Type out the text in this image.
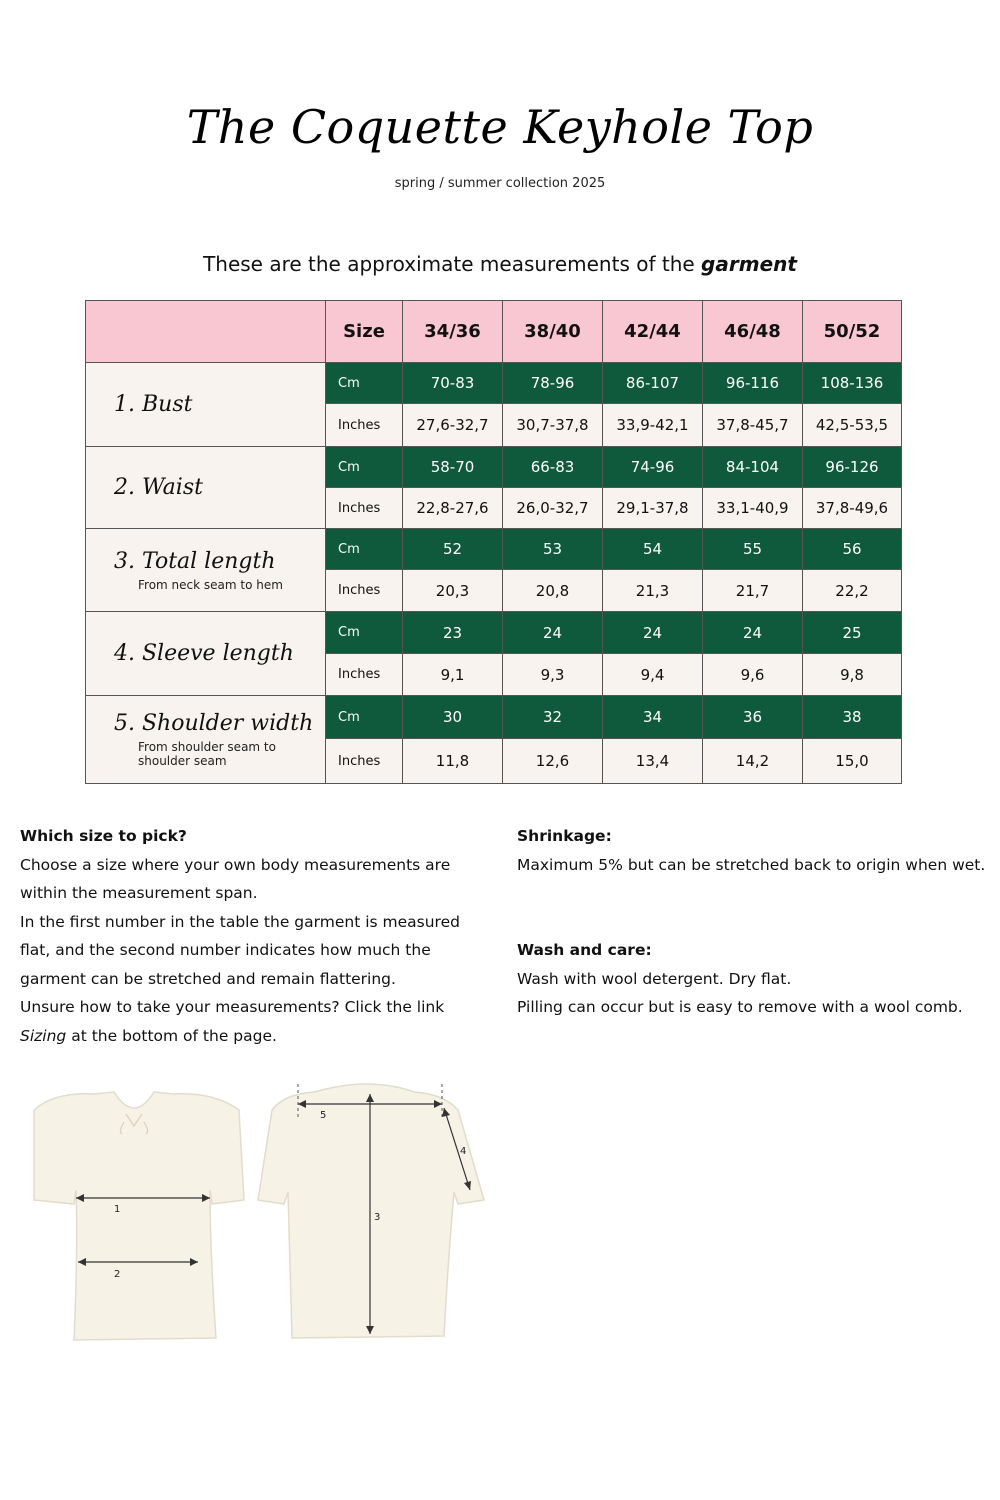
The Coquette Keyhole Top
spring / summer collection 2025
These are the approximate measurements of the garment
	Size	34/36	38/40	42/44	46/48	50/52

1. Bust	Cm	70-83	78-96	86-107	96-116	108-136
	Inches	27,6-32,7	30,7-37,8	33,9-42,1	37,8-45,7	42,5-53,5

2. Waist	Cm	58-70	66-83	74-96	84-104	96-126
	Inches	22,8-27,6	26,0-32,7	29,1-37,8	33,1-40,9	37,8-49,6

3. Total length
From neck seam to hem	Cm	52	53	54	55	56
	Inches	20,3	20,8	21,3	21,7	22,2

4. Sleeve length	Cm	23	24	24	24	25
	Inches	9,1	9,3	9,4	9,6	9,8

5. Shoulder width
From shoulder seam to shoulder seam	Cm	30	32	34	36	38
	Inches	11,8	12,6	13,4	14,2	15,0
Which size to pick?
Choose a size where your own body measurements are within the measurement span.
In the first number in the table the garment is measured flat, and the second number indicates how much the garment can be stretched and remain flattering.
Unsure how to take your measurements? Click the link Sizing at the bottom of the page.
Shrinkage:
Maximum 5% but can be stretched back to origin when wet.
Wash and care:
Wash with wool detergent. Dry flat.
Pilling can occur but is easy to remove with a wool comb.
1
2
5
3
4
